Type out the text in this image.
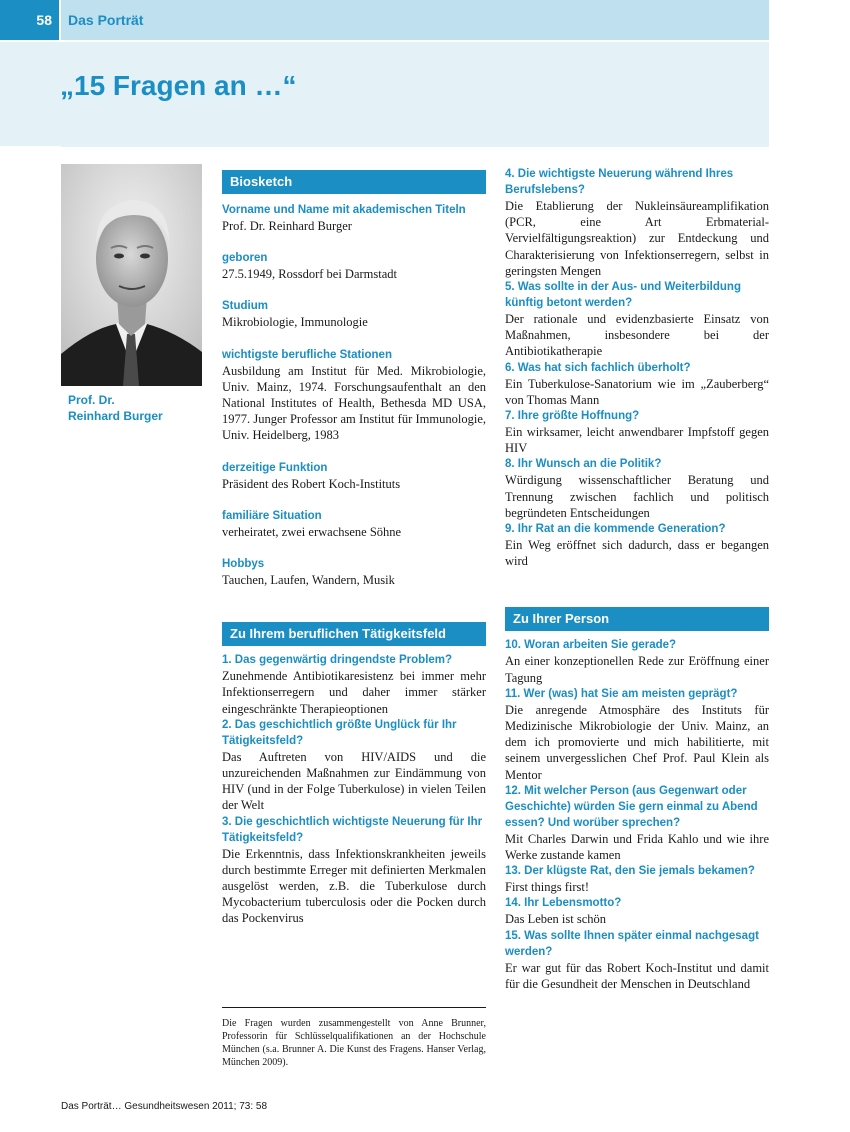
58	Das Porträt
„15 Fragen an …“
Prof. Dr.
Reinhard Burger
Biosketch
Vorname und Name mit akademischen Titeln
Prof. Dr. Reinhard Burger
geboren
27.5.1949, Rossdorf bei Darmstadt
Studium
Mikrobiologie, Immunologie
wichtigste berufliche Stationen
Ausbildung am Institut für Med. Mikrobiologie, Univ. Mainz, 1974. Forschungsaufenthalt an den National Institutes of Health, Bethesda MD USA, 1977. Junger Professor am Institut für Immunologie, Univ. Heidelberg, 1983
derzeitige Funktion
Präsident des Robert Koch-Instituts
familiäre Situation
verheiratet, zwei erwachsene Söhne
Hobbys
Tauchen, Laufen, Wandern, Musik
Zu Ihrem beruflichen Tätigkeitsfeld
1. Das gegenwärtig dringendste Problem?
Zunehmende Antibiotikaresistenz bei immer mehr Infektionserregern und daher immer stärker eingeschränkte Therapieoptionen
2. Das geschichtlich größte Unglück für Ihr Tätigkeitsfeld?
Das Auftreten von HIV/AIDS und die unzureichenden Maßnahmen zur Eindämmung von HIV (und in der Folge Tuberkulose) in vielen Teilen der Welt
3. Die geschichtlich wichtigste Neuerung für Ihr Tätigkeitsfeld?
Die Erkenntnis, dass Infektionskrankheiten jeweils durch bestimmte Erreger mit definierten Merkmalen ausgelöst werden, z.B. die Tuberkulose durch Mycobacterium tuberculosis oder die Pocken durch das Pockenvirus
4. Die wichtigste Neuerung während Ihres Berufslebens?
Die Etablierung der Nukleinsäureamplifikation (PCR, eine Art Erbmaterial-Vervielfältigungsreaktion) zur Entdeckung und Charakterisierung von Infektionserregern, selbst in geringsten Mengen
5. Was sollte in der Aus- und Weiterbildung künftig betont werden?
Der rationale und evidenzbasierte Einsatz von Maßnahmen, insbesondere bei der Antibiotikatherapie
6. Was hat sich fachlich überholt?
Ein Tuberkulose-Sanatorium wie im „Zauberberg“ von Thomas Mann
7. Ihre größte Hoffnung?
Ein wirksamer, leicht anwendbarer Impfstoff gegen HIV
8. Ihr Wunsch an die Politik?
Würdigung wissenschaftlicher Beratung und Trennung zwischen fachlich und politisch begründeten Entscheidungen
9. Ihr Rat an die kommende Generation?
Ein Weg eröffnet sich dadurch, dass er begangen wird
Zu Ihrer Person
10. Woran arbeiten Sie gerade?
An einer konzeptionellen Rede zur Eröffnung einer Tagung
11. Wer (was) hat Sie am meisten geprägt?
Die anregende Atmosphäre des Instituts für Medizinische Mikrobiologie der Univ. Mainz, an dem ich promovierte und mich habilitierte, mit seinem unvergesslichen Chef Prof. Paul Klein als Mentor
12. Mit welcher Person (aus Gegenwart oder Geschichte) würden Sie gern einmal zu Abend essen? Und worüber sprechen?
Mit Charles Darwin und Frida Kahlo und wie ihre Werke zustande kamen
13. Der klügste Rat, den Sie jemals bekamen?
First things first!
14. Ihr Lebensmotto?
Das Leben ist schön
15. Was sollte Ihnen später einmal nachgesagt werden?
Er war gut für das Robert Koch-Institut und damit für die Gesundheit der Menschen in Deutschland
Die Fragen wurden zusammengestellt von Anne Brunner, Professorin für Schlüsselqualifikationen an der Hochschule München (s.a. Brunner A. Die Kunst des Fragens. Hanser Verlag, München 2009).
Das Porträt… Gesundheitswesen 2011; 73: 58
